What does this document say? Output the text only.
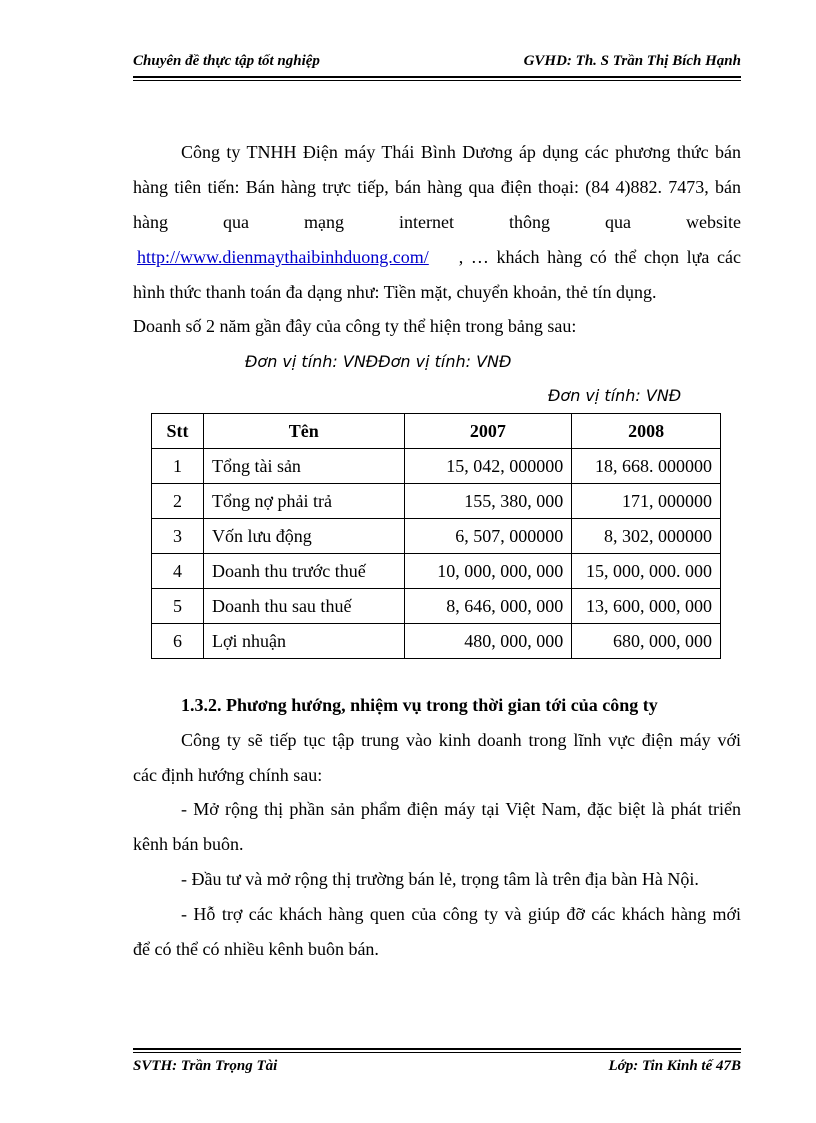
Chuyên đề thực tập tốt nghiệp	GVHD: Th. S Trần Thị Bích Hạnh
Công ty TNHH Điện máy Thái Bình Dương áp dụng các phương thức bán
hàng tiên tiến: Bán hàng trực tiếp, bán hàng qua điện thoại: (84 4)882. 7473, bán
hàng	qua	mạng	internet	thông	qua	website
http://www.dienmaythaibinhduong.com/	, … khách hàng có thể chọn lựa các
hình thức thanh toán đa dạng như: Tiền mặt, chuyển khoản, thẻ tín dụng.
Doanh số 2 năm gần đây của công ty thể hiện trong bảng sau:
Đơn vị tính: VNĐĐơn vị tính: VNĐ
Đơn vị tính: VNĐ
Stt	Tên	2007	2008
1	Tổng tài sản	15, 042, 000000	18, 668. 000000
2	Tổng nợ phải trả	155, 380, 000	171, 000000
3	Vốn lưu động	6, 507, 000000	8, 302, 000000
4	Doanh thu trước thuế	10, 000, 000, 000	15, 000, 000. 000
5	Doanh thu sau thuế	8, 646, 000, 000	13, 600, 000, 000
6	Lợi nhuận	480, 000, 000	680, 000, 000
1.3.2. Phương hướng, nhiệm vụ trong thời gian tới của công ty
Công ty sẽ tiếp tục tập trung vào kinh doanh trong lĩnh vực điện máy với
các định hướng chính sau:
- Mở rộng thị phần sản phẩm điện máy tại Việt Nam, đặc biệt là phát triển
kênh bán buôn.
- Đầu tư và mở rộng thị trường bán lẻ, trọng tâm là trên địa bàn Hà Nội.
- Hỗ trợ các khách hàng quen của công ty và giúp đỡ các khách hàng mới
để có thể có nhiều kênh buôn bán.
SVTH: Trần Trọng Tài	Lớp: Tin Kinh tế 47B
